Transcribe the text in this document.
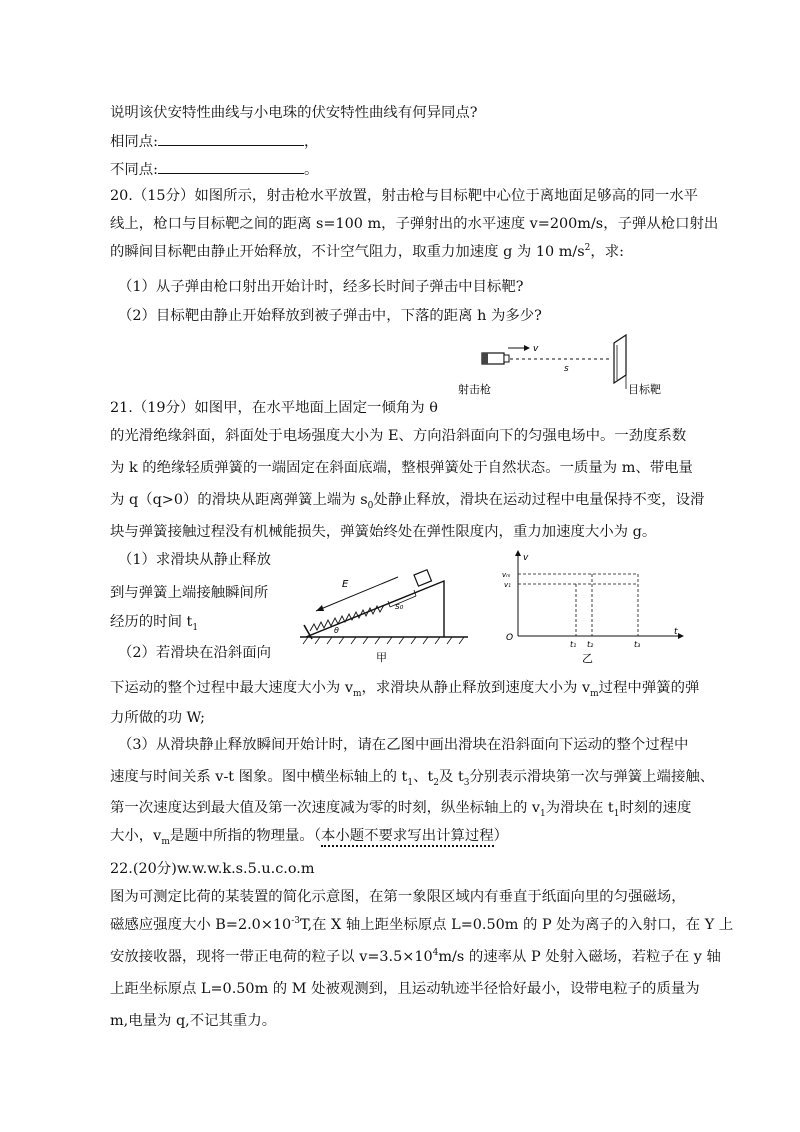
说明该伏安特性曲线与小电珠的伏安特性曲线有何异同点?
相同点:	，
不同点:	。
20.（15分）如图所示，射击枪水平放置，射击枪与目标靶中心位于离地面足够高的同一水平
线上，枪口与目标靶之间的距离 s=100 m，子弹射出的水平速度 v=200m/s，子弹从枪口射出
的瞬间目标靶由静止开始释放，不计空气阻力，取重力加速度 g 为 10 $m/s^2$，求:
（1）从子弹由枪口射出开始计时，经多长时间子弹击中目标靶?
（2）目标靶由静止开始释放到被子弹击中，下落的距离 h 为多少?
v
s
射击枪	目标靶
21.（19分）如图甲，在水平地面上固定一倾角为 θ
的光滑绝缘斜面，斜面处于电场强度大小为 E、方向沿斜面向下的匀强电场中。一劲度系数
为 k 的绝缘轻质弹簧的一端固定在斜面底端，整根弹簧处于自然状态。一质量为 m、带电量
为 q（q>0）的滑块从距离弹簧上端为 $s_0$处静止释放，滑块在运动过程中电量保持不变，设滑
块与弹簧接触过程没有机械能损失，弹簧始终处在弹性限度内，重力加速度大小为 g。
（1）求滑块从静止释放
到与弹簧上端接触瞬间所
经历的时间 $t_1$
（2）若滑块在沿斜面向
下运动的整个过程中最大速度大小为 $v_m$，求滑块从静止释放到速度大小为 $v_m$过程中弹簧的弹
力所做的功 W;
（3）从滑块静止释放瞬间开始计时，请在乙图中画出滑块在沿斜面向下运动的整个过程中
速度与时间关系 v-t 图象。图中横坐标轴上的 $t_1$、$t_2$及 $t_3$分别表示滑块第一次与弹簧上端接触、
第一次速度达到最大值及第一次速度减为零的时刻，纵坐标轴上的 $v_1$为滑块在 $t_1$时刻的速度
大小，$v_m$是题中所指的物理量。（本小题不要求写出计算过程）
s₀
E
θ
甲
v
t
O
vₘ
v₁
t₁ t₂	t₃
乙
22.(20分)w.w.w.k.s.5.u.c.o.m
图为可测定比荷的某装置的简化示意图，在第一象限区域内有垂直于纸面向里的匀强磁场，
磁感应强度大小 $B=2.0\times 10^{-3}T$,在 X 轴上距坐标原点 L=0.50m 的 P 处为离子的入射口，在 Y 上
安放接收器，现将一带正电荷的粒子以 $v=3.5\times 10^4m/s$ 的速率从 P 处射入磁场，若粒子在 y 轴
上距坐标原点 L=0.50m 的 M 处被观测到，且运动轨迹半径恰好最小，设带电粒子的质量为
m,电量为 q,不记其重力。
